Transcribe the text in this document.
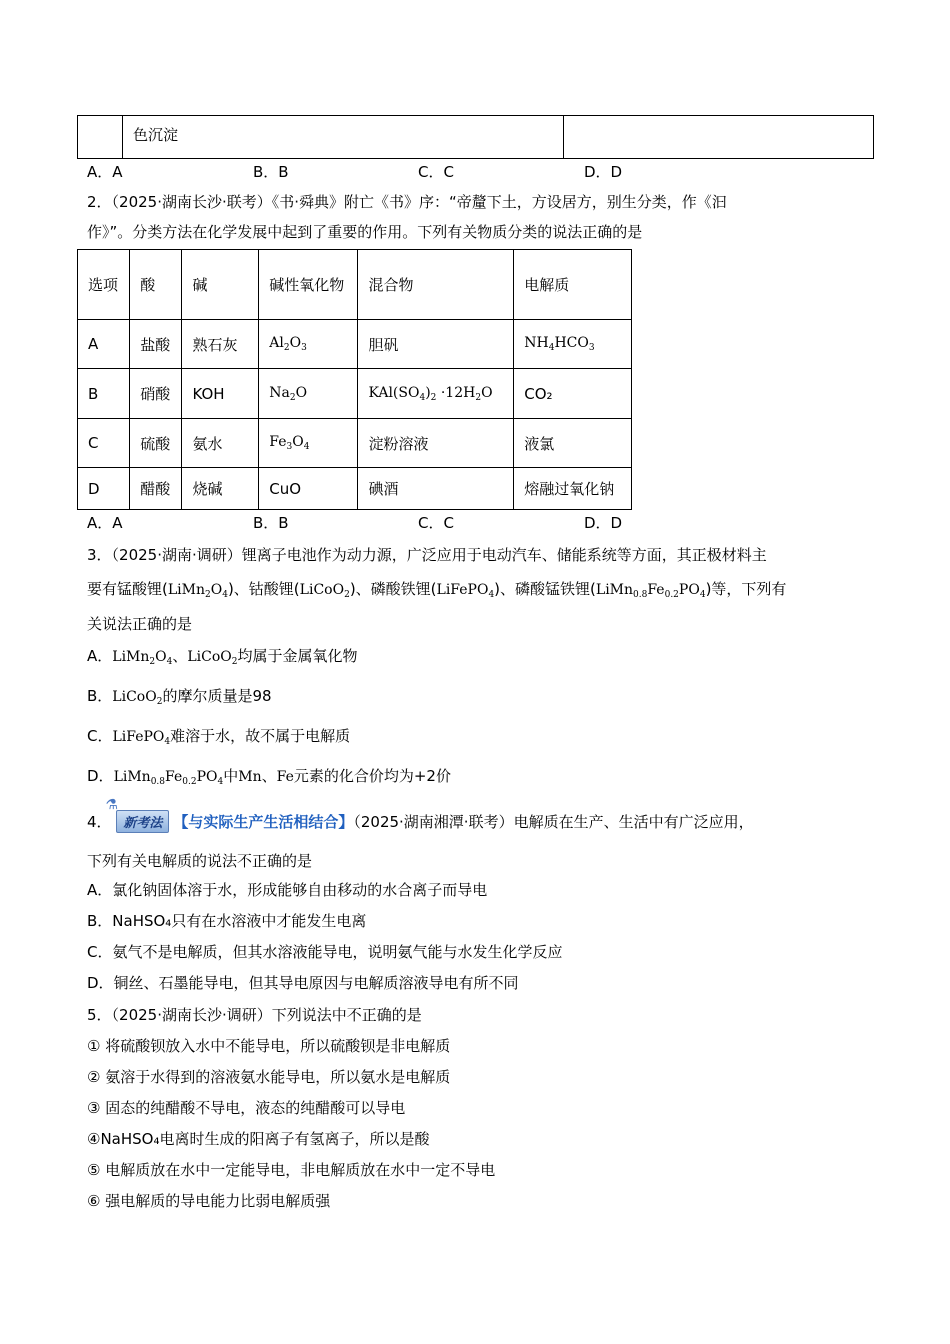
	色沉淀	
A．A	B．B	C．C	D．D
2．（2025·湖南长沙·联考）《书·舜典》附亡《书》序：“帝釐下土，方设居方，别生分类，作《汩
作》”。分类方法在化学发展中起到了重要的作用。下列有关物质分类的说法正确的是
选项	酸	碱	碱性氧化物	混合物	电解质
A	盐酸	熟石灰	$Al_2O_3$	胆矾	$NH_4HCO_3$
B	硝酸	KOH	$Na_2O$	$KAl(SO_4)_2 \cdot 12H_2O$	CO₂
C	硫酸	氨水	$Fe_3O_4$	淀粉溶液	液氯
D	醋酸	烧碱	CuO	碘酒	熔融过氧化钠
A．A	B．B	C．C	D．D
3．（2025·湖南·调研）锂离子电池作为动力源，广泛应用于电动汽车、储能系统等方面，其正极材料主
要有锰酸锂$(LiMn_2O_4)$、钴酸锂(LiCoO$_2$)、磷酸铁锂(LiFePO$_4$)、磷酸锰铁锂$(LiMn_{0.8}Fe_{0.2}PO_4)$等，下列有
关说法正确的是
A．$LiMn_2O_4$、LiCoO$_2$均属于金属氧化物
B．LiCoO$_2$的摩尔质量是98
C．LiFePO$_4$难溶于水，故不属于电解质
D．$LiMn_{0.8}Fe_{0.2}PO_4$中Mn、Fe元素的化合价均为+2价
4．
⚗
新考法 【与实际生产生活相结合】（2025·湖南湘潭·联考）电解质在生产、生活中有广泛应用，
下列有关电解质的说法不正确的是
A．氯化钠固体溶于水，形成能够自由移动的水合离子而导电
B．NaHSO₄只有在水溶液中才能发生电离
C．氨气不是电解质，但其水溶液能导电，说明氨气能与水发生化学反应
D．铜丝、石墨能导电，但其导电原因与电解质溶液导电有所不同
5．（2025·湖南长沙·调研）下列说法中不正确的是
① 将硫酸钡放入水中不能导电，所以硫酸钡是非电解质
② 氨溶于水得到的溶液氨水能导电，所以氨水是电解质
③ 固态的纯醋酸不导电，液态的纯醋酸可以导电
④NaHSO₄电离时生成的阳离子有氢离子，所以是酸
⑤ 电解质放在水中一定能导电，非电解质放在水中一定不导电
⑥ 强电解质的导电能力比弱电解质强
